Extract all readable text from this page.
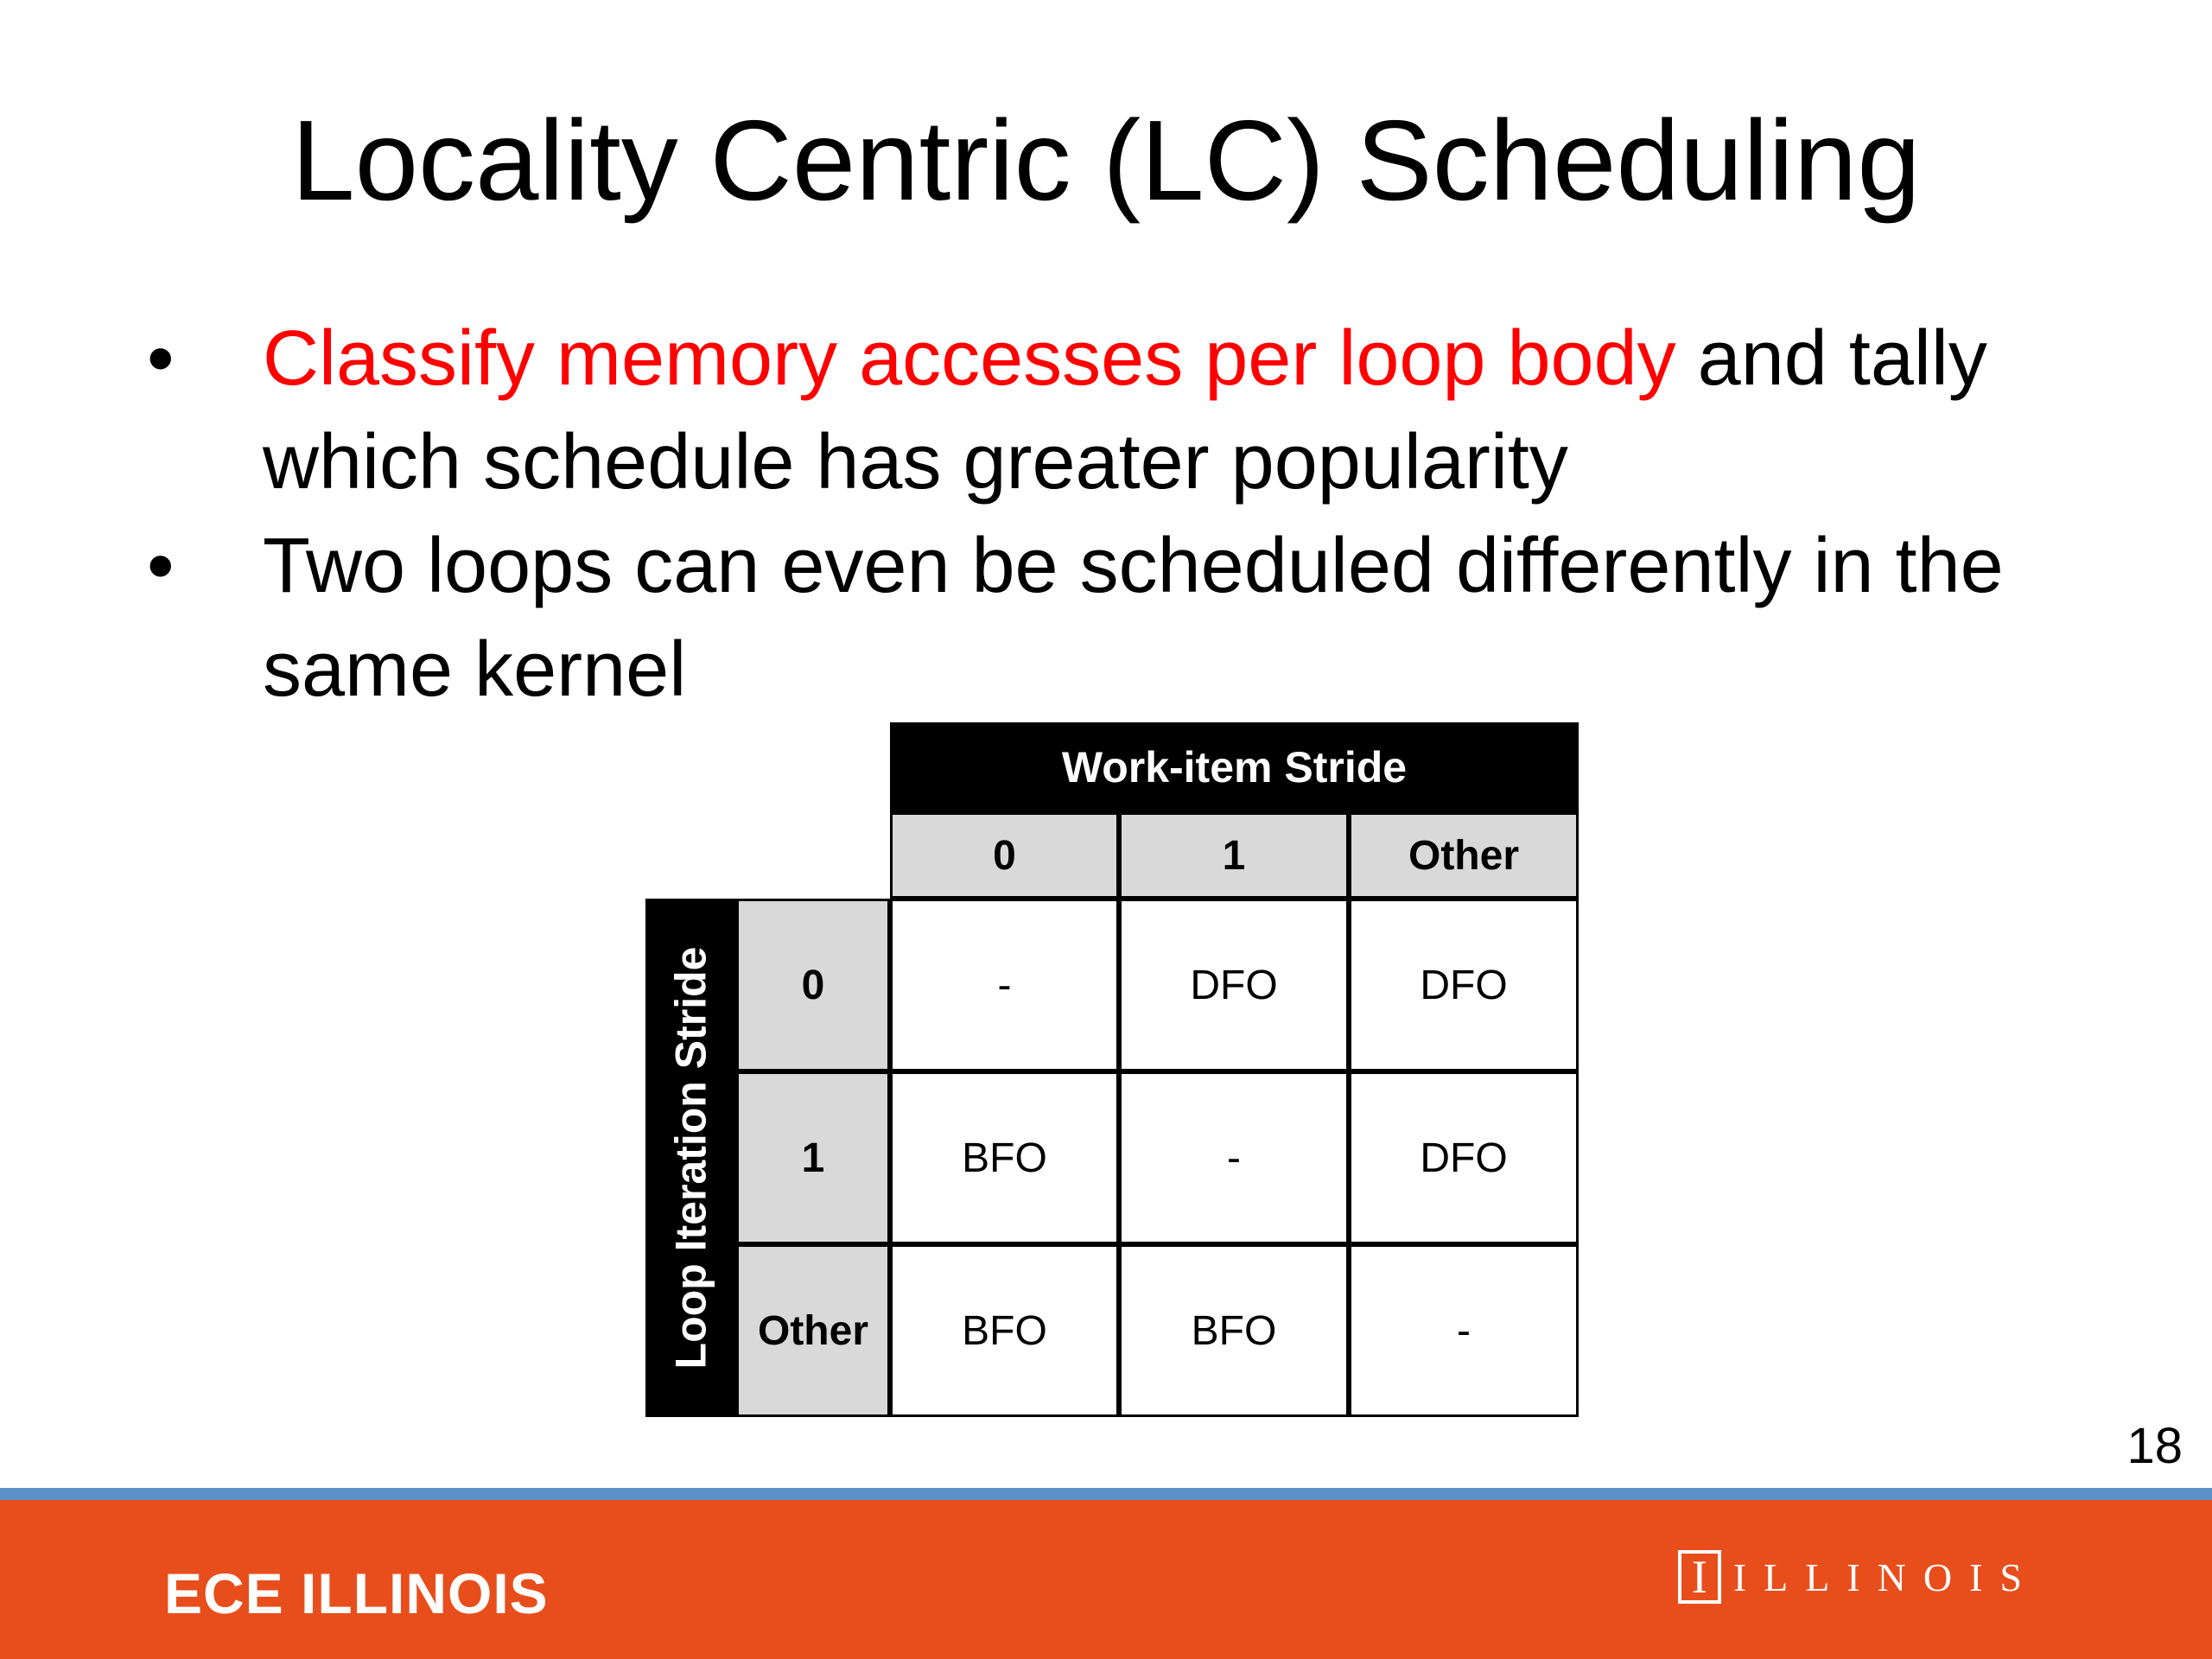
Locality Centric (LC) Scheduling
• Classify memory accesses per loop body and tally which schedule has greater popularity
• Two loops can even be scheduled differently in the same kernel
Work-item Stride
0	1	Other
Loop Iteration Stride	0	-	DFO	DFO
1	BFO	-	DFO
Other	BFO	BFO	-
18
ECE ILLINOIS	I ILLINOIS
